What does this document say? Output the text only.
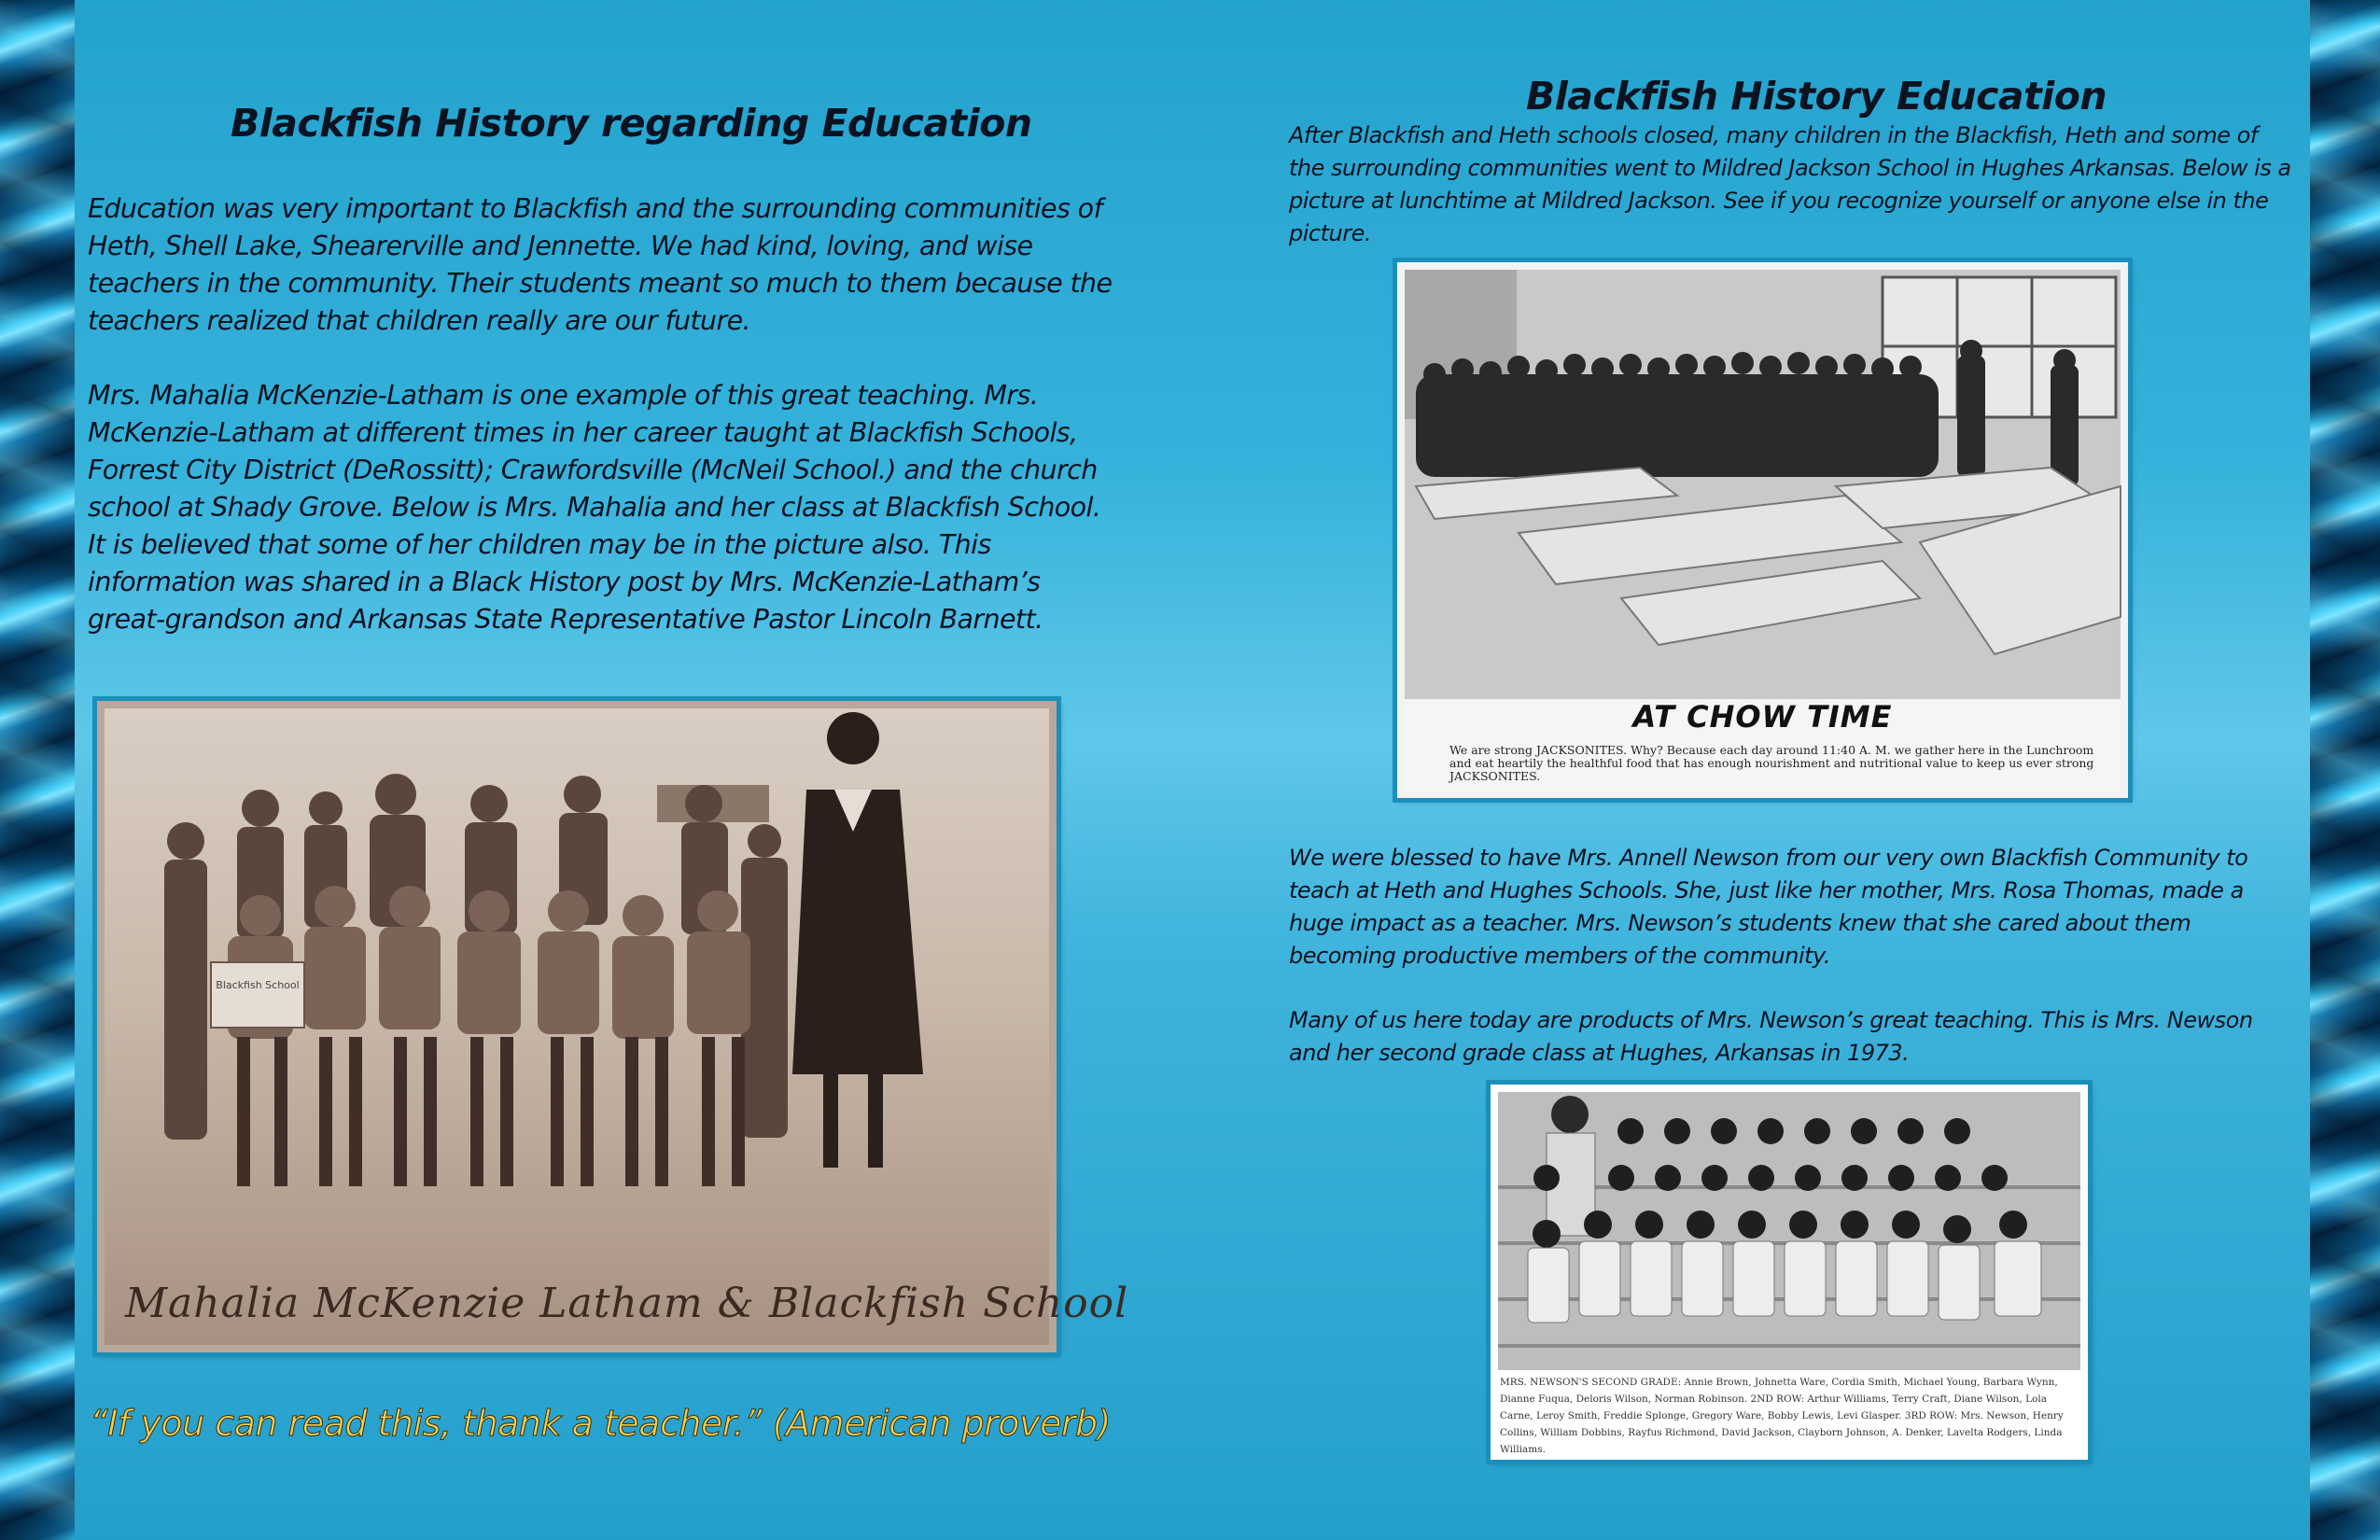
Blackfish History regarding Education

Education was very important to Blackfish and the surrounding communities of Heth, Shell Lake, Shearerville and Jennette. We had kind, loving, and wise teachers in the community. Their students meant so much to them because the teachers realized that children really are our future.

Mrs. Mahalia McKenzie-Latham is one example of this great teaching. Mrs. McKenzie-Latham at different times in her career taught at Blackfish Schools, Forrest City District (DeRossitt); Crawfordsville (McNeil School.) and the church school at Shady Grove. Below is Mrs. Mahalia and her class at Blackfish School. It is believed that some of her children may be in the picture also. This information was shared in a Black History post by Mrs. McKenzie-Latham’s great-grandson and Arkansas State Representative Pastor Lincoln Barnett.

Blackfish School

Mahalia McKenzie Latham & Blackfish School

“If you can read this, thank a teacher.” (American proverb)

Blackfish History Education

After Blackfish and Heth schools closed, many children in the Blackfish, Heth and some of the surrounding communities went to Mildred Jackson School in Hughes Arkansas. Below is a picture at lunchtime at Mildred Jackson. See if you recognize yourself or anyone else in the picture.

AT CHOW TIME

We are strong JACKSONITES. Why? Because each day around 11:40 A. M. we gather here in the Lunchroom and eat heartily the healthful food that has enough nourishment and nutritional value to keep us ever strong JACKSONITES.

We were blessed to have Mrs. Annell Newson from our very own Blackfish Community to teach at Heth and Hughes Schools. She, just like her mother, Mrs. Rosa Thomas, made a huge impact as a teacher. Mrs. Newson’s students knew that she cared about them becoming productive members of the community.

Many of us here today are products of Mrs. Newson’s great teaching. This is Mrs. Newson and her second grade class at Hughes, Arkansas in 1973.

MRS. NEWSON'S SECOND GRADE: Annie Brown, Johnetta Ware, Cordia Smith, Michael Young, Barbara Wynn, Dianne Fuqua, Deloris Wilson, Norman Robinson. 2ND ROW: Arthur Williams, Terry Craft, Diane Wilson, Lola Carne, Leroy Smith, Freddie Splonge, Gregory Ware, Bobby Lewis, Levi Glasper. 3RD ROW: Mrs. Newson, Henry Collins, William Dobbins, Rayfus Richmond, David Jackson, Clayborn Johnson, A. Denker, Lavelta Rodgers, Linda Williams.
